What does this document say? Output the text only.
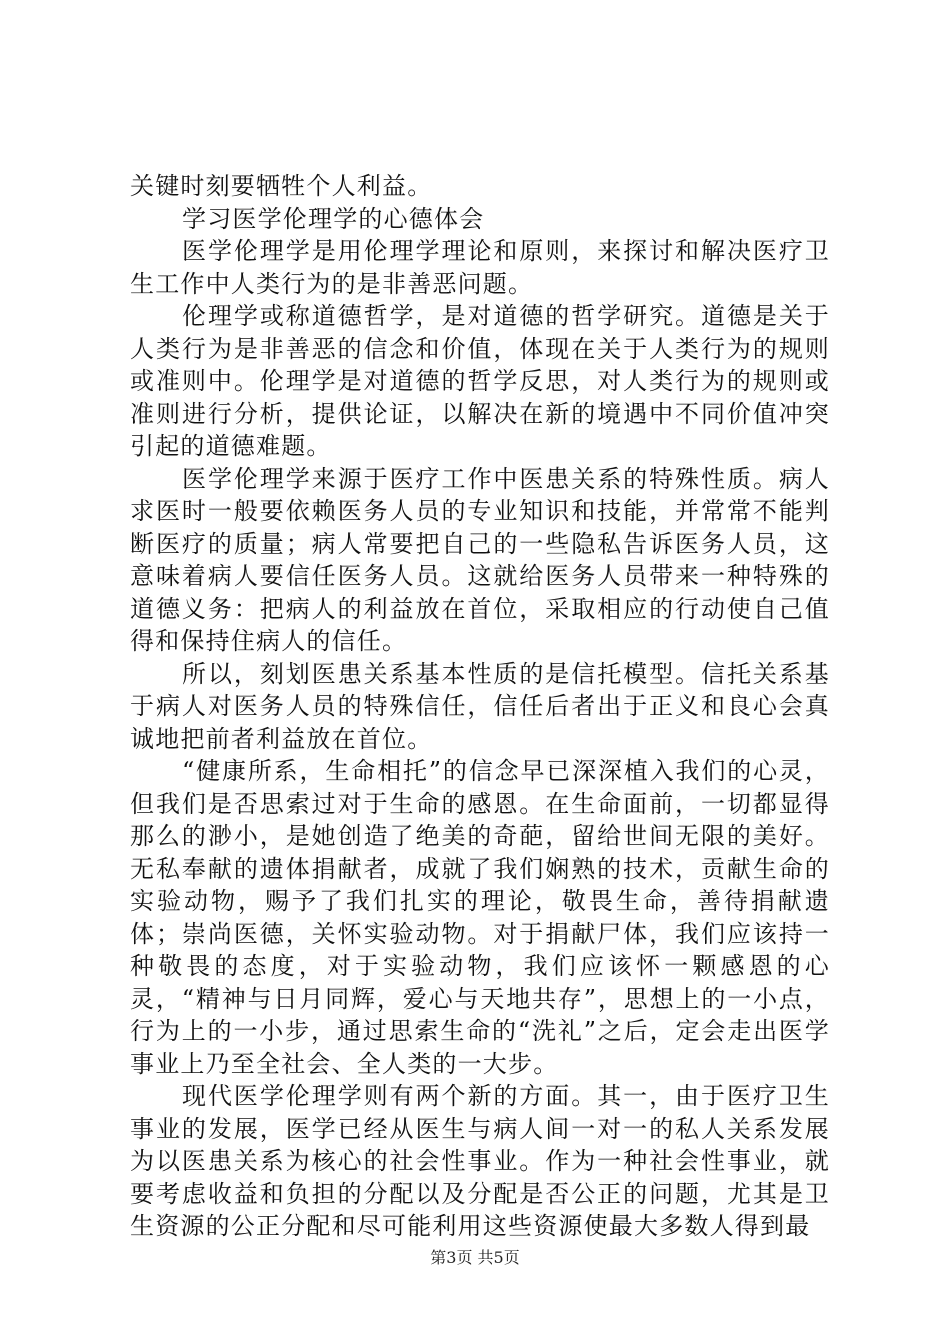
关键时刻要牺牲个人利益。

学习医学伦理学的心德体会

医学伦理学是用伦理学理论和原则，来探讨和解决医疗卫生工作中人类行为的是非善恶问题。

伦理学或称道德哲学，是对道德的哲学研究。道德是关于人类行为是非善恶的信念和价值，体现在关于人类行为的规则或准则中。伦理学是对道德的哲学反思，对人类行为的规则或准则进行分析，提供论证，以解决在新的境遇中不同价值冲突引起的道德难题。

医学伦理学来源于医疗工作中医患关系的特殊性质。病人求医时一般要依赖医务人员的专业知识和技能，并常常不能判断医疗的质量；病人常要把自己的一些隐私告诉医务人员，这意味着病人要信任医务人员。这就给医务人员带来一种特殊的道德义务：把病人的利益放在首位，采取相应的行动使自己值得和保持住病人的信任。

所以，刻划医患关系基本性质的是信托模型。信托关系基于病人对医务人员的特殊信任，信任后者出于正义和良心会真诚地把前者利益放在首位。

“健康所系，生命相托”的信念早已深深植入我们的心灵，但我们是否思索过对于生命的感恩。在生命面前，一切都显得那么的渺小，是她创造了绝美的奇葩，留给世间无限的美好。无私奉献的遗体捐献者，成就了我们娴熟的技术，贡献生命的实验动物，赐予了我们扎实的理论，敬畏生命，善待捐献遗体；崇尚医德，关怀实验动物。对于捐献尸体，我们应该持一种敬畏的态度，对于实验动物，我们应该怀一颗感恩的心灵，“精神与日月同辉，爱心与天地共存”，思想上的一小点，行为上的一小步，通过思索生命的“洗礼”之后，定会走出医学事业上乃至全社会、全人类的一大步。

现代医学伦理学则有两个新的方面。其一，由于医疗卫生事业的发展，医学已经从医生与病人间一对一的私人关系发展为以医患关系为核心的社会性事业。作为一种社会性事业，就要考虑收益和负担的分配以及分配是否公正的问题，尤其是卫生资源的公正分配和尽可能利用这些资源使最大多数人得到最

第3页 共5页
